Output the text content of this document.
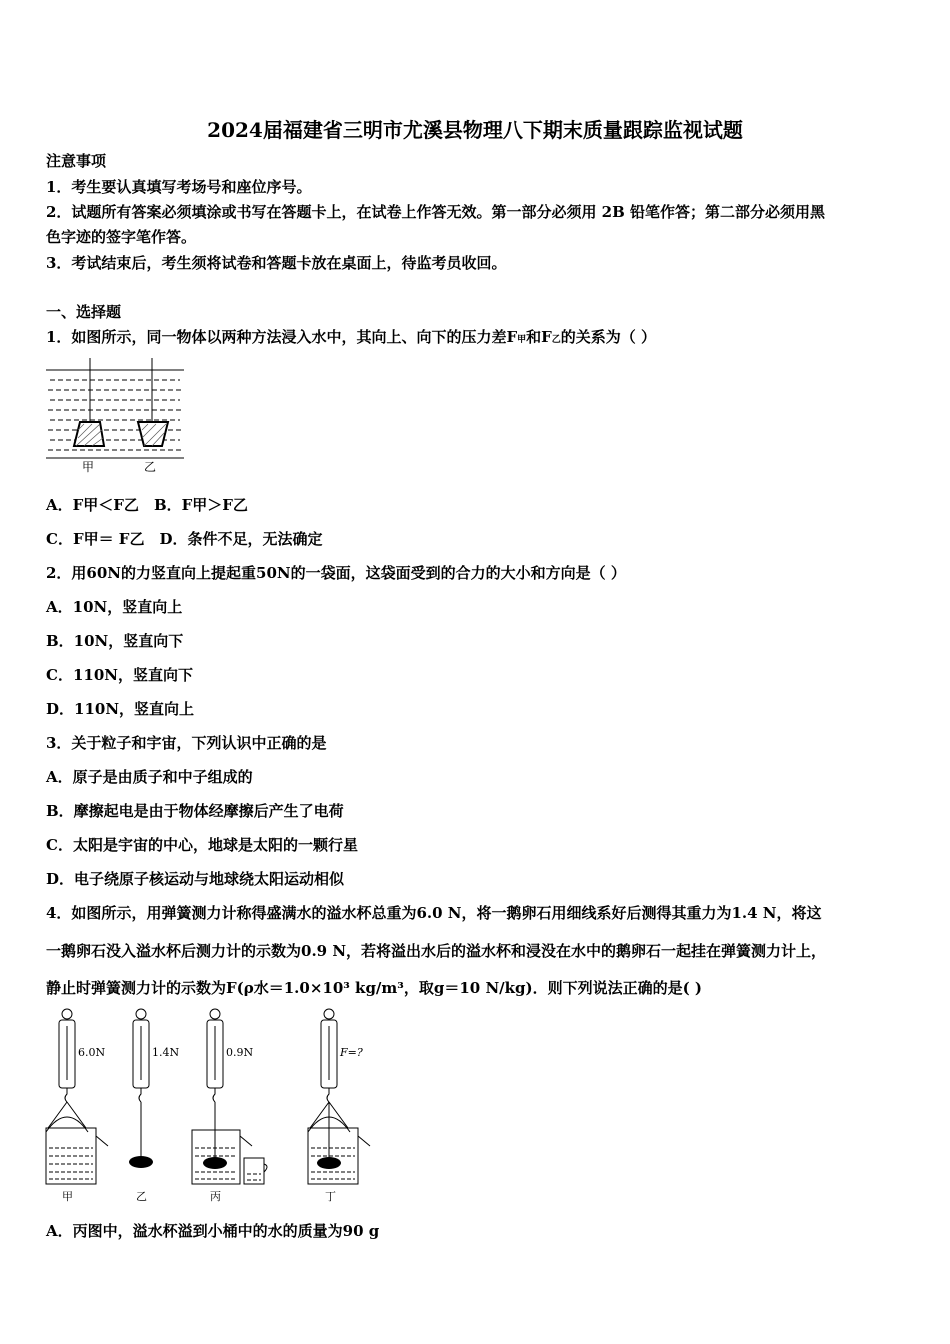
2024届福建省三明市尤溪县物理八下期末质量跟踪监视试题
注意事项
1．考生要认真填写考场号和座位序号。
2．试题所有答案必须填涂或书写在答题卡上，在试卷上作答无效。第一部分必须用 2B 铅笔作答；第二部分必须用黑
色字迹的签字笔作答。
3．考试结束后，考生须将试卷和答题卡放在桌面上，待监考员收回。
一、选择题
1．如图所示，同一物体以两种方法浸入水中，其向上、向下的压力差F甲和F乙的关系为（ ）
甲	乙
A．F甲＜F乙　B．F甲＞F乙
C．F甲＝ F乙　D．条件不足，无法确定
2．用60N的力竖直向上提起重50N的一袋面，这袋面受到的合力的大小和方向是（ ）
A．10N，竖直向上
B．10N，竖直向下
C．110N，竖直向下
D．110N，竖直向上
3．关于粒子和宇宙，下列认识中正确的是
A．原子是由质子和中子组成的
B．摩擦起电是由于物体经摩擦后产生了电荷
C．太阳是宇宙的中心，地球是太阳的一颗行星
D．电子绕原子核运动与地球绕太阳运动相似
4．如图所示，用弹簧测力计称得盛满水的溢水杯总重为6.0 N，将一鹅卵石用细线系好后测得其重力为1.4 N，将这
一鹅卵石没入溢水杯后测力计的示数为0.9 N，若将溢出水后的溢水杯和浸没在水中的鹅卵石一起挂在弹簧测力计上，
静止时弹簧测力计的示数为F(ρ水＝1.0×10³ kg/m³，取g＝10 N/kg)．则下列说法正确的是( )
6.0N	1.4N	0.9N	F=?
甲	乙	丙	丁
A．丙图中，溢水杯溢到小桶中的水的质量为90 g
